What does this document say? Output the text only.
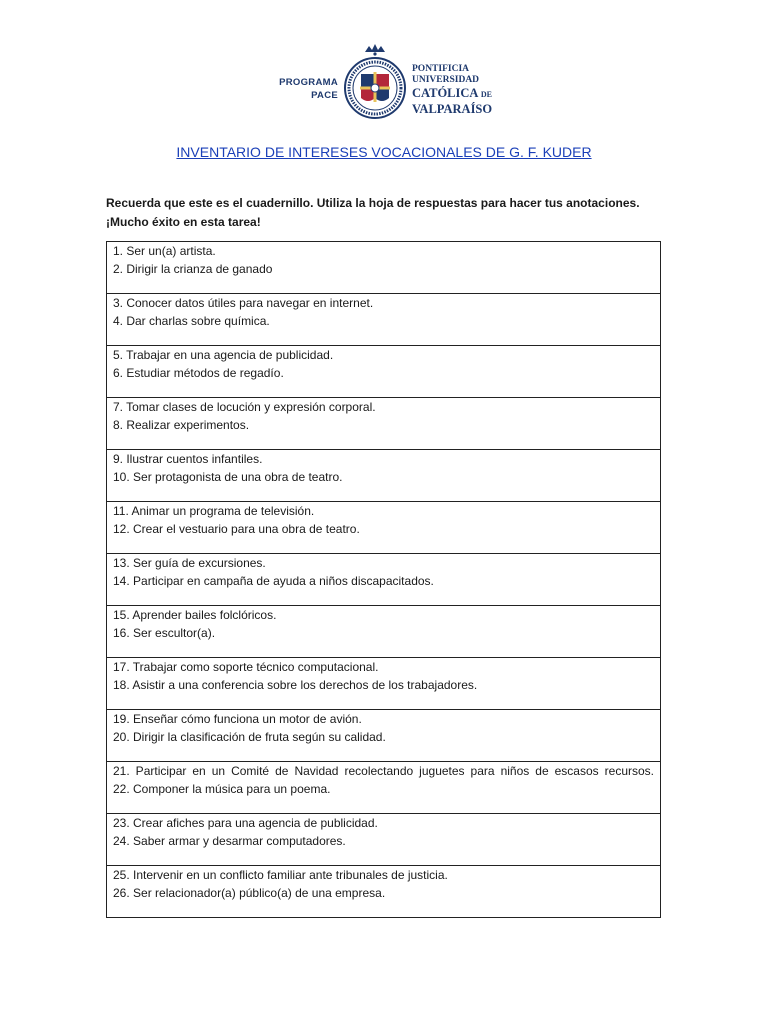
PROGRAMA
PACE
PONTIFICIA
UNIVERSIDAD
CATÓLICA DE
VALPARAÍSO
INVENTARIO DE INTERESES VOCACIONALES DE G. F. KUDER
Recuerda que este es el cuadernillo. Utiliza la hoja de respuestas para hacer tus anotaciones.
¡Mucho éxito en esta tarea!
1. Ser un(a) artista.
2. Dirigir la crianza de ganado
3. Conocer datos útiles para navegar en internet.
4. Dar charlas sobre química.
5. Trabajar en una agencia de publicidad.
6. Estudiar métodos de regadío.
7. Tomar clases de locución y expresión corporal.
8. Realizar experimentos.
9. Ilustrar cuentos infantiles.
10. Ser protagonista de una obra de teatro.
11. Animar un programa de televisión.
12. Crear el vestuario para una obra de teatro.
13. Ser guía de excursiones.
14. Participar en campaña de ayuda a niños discapacitados.
15. Aprender bailes folclóricos.
16. Ser escultor(a).
17. Trabajar como soporte técnico computacional.
18. Asistir a una conferencia sobre los derechos de los trabajadores.
19. Enseñar cómo funciona un motor de avión.
20. Dirigir la clasificación de fruta según su calidad.
21. Participar en un Comité de Navidad recolectando juguetes para niños de escasos recursos.
22. Componer la música para un poema.
23. Crear afiches para una agencia de publicidad.
24. Saber armar y desarmar computadores.
25. Intervenir en un conflicto familiar ante tribunales de justicia.
26. Ser relacionador(a) público(a) de una empresa.
